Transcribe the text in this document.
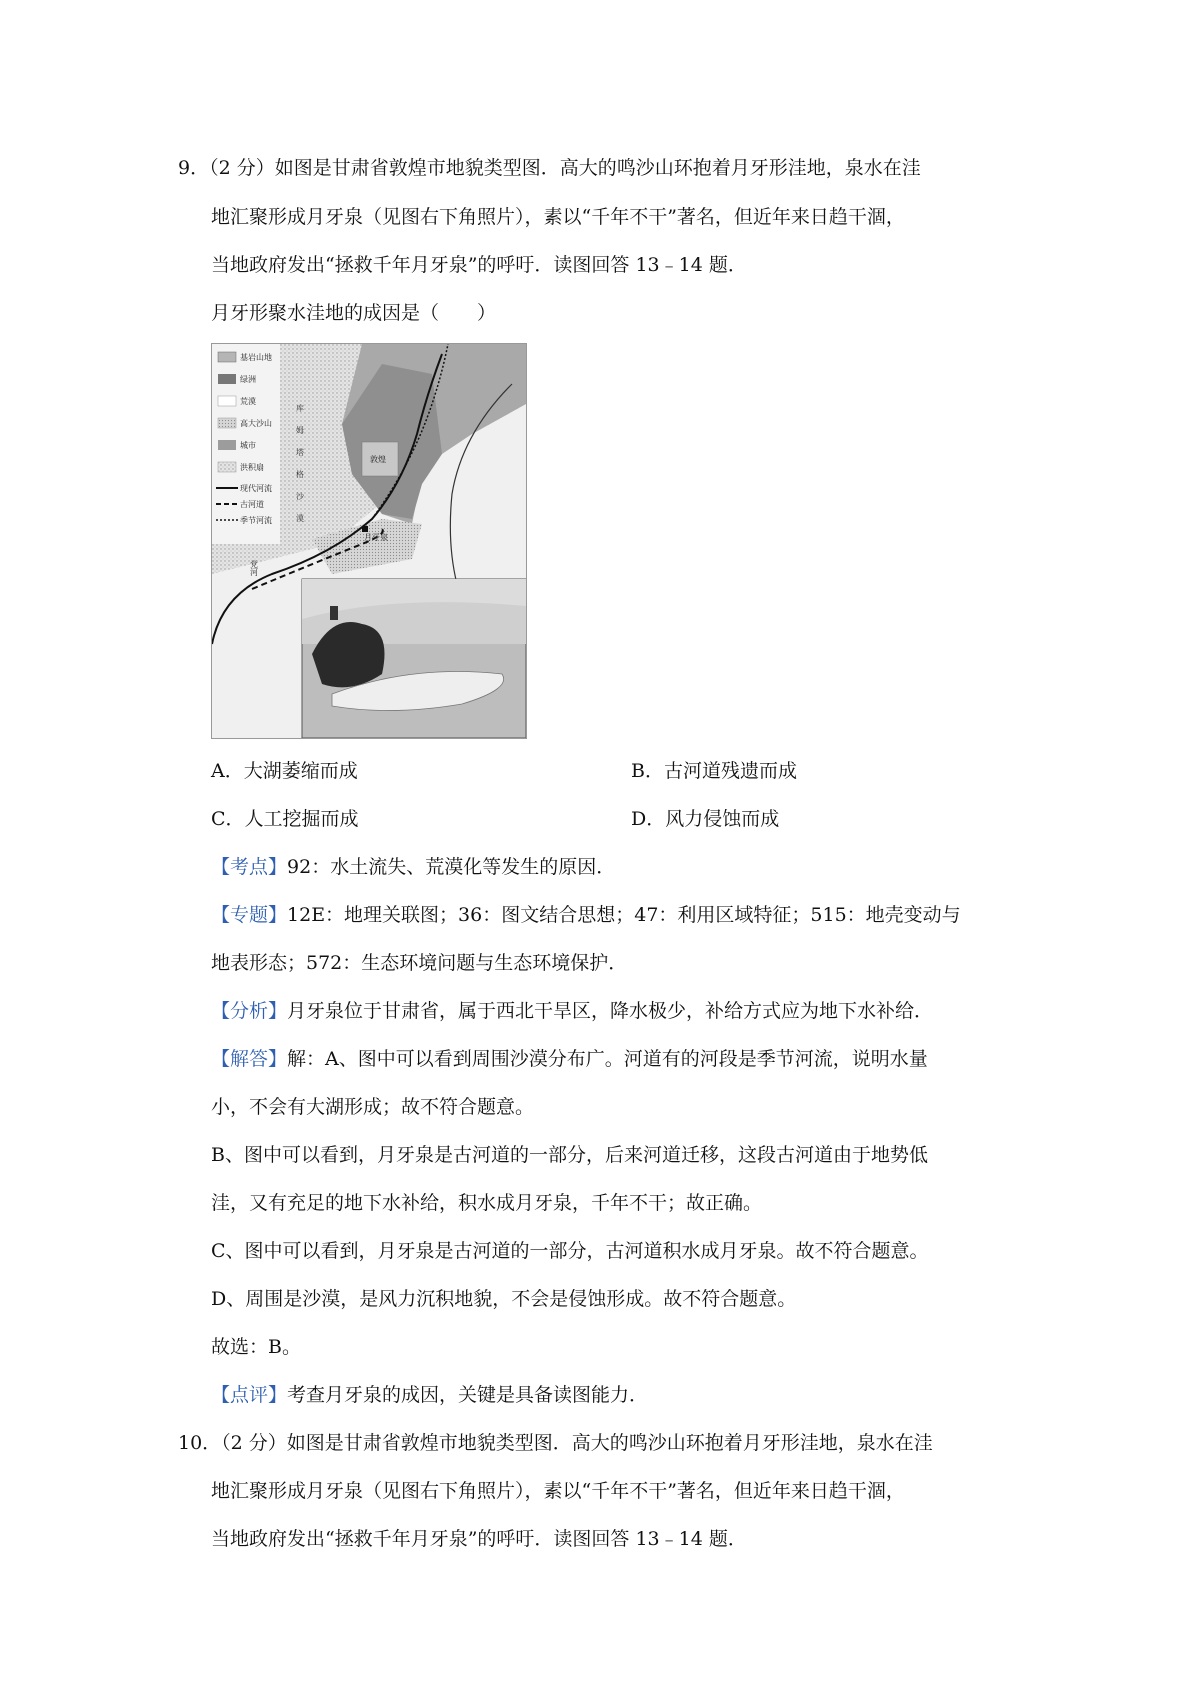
9．（2 分）如图是甘肃省敦煌市地貌类型图．高大的鸣沙山环抱着月牙形洼地，泉水在洼
地汇聚形成月牙泉（见图右下角照片），素以“千年不干”著名，但近年来日趋干涸，
当地政府发出“拯救千年月牙泉”的呼吁．读图回答 13﹣14 题．
月牙形聚水洼地的成因是（　　）
基岩山地
绿洲
荒漠
高大沙山
城市
洪积扇
现代河流
古河道
季节河流	库姆塔格沙漠	敦煌
月牙泉
党河
A．大湖萎缩而成	B．古河道残遗而成
C．人工挖掘而成	D．风力侵蚀而成
【考点】92：水土流失、荒漠化等发生的原因．
【专题】12E：地理关联图；36：图文结合思想；47：利用区域特征；515：地壳变动与
地表形态；572：生态环境问题与生态环境保护．
【分析】月牙泉位于甘肃省，属于西北干旱区，降水极少，补给方式应为地下水补给．
【解答】解：A、图中可以看到周围沙漠分布广。河道有的河段是季节河流，说明水量
小，不会有大湖形成；故不符合题意。
B、图中可以看到，月牙泉是古河道的一部分，后来河道迁移，这段古河道由于地势低
洼，又有充足的地下水补给，积水成月牙泉，千年不干；故正确。
C、图中可以看到，月牙泉是古河道的一部分，古河道积水成月牙泉。故不符合题意。
D、周围是沙漠，是风力沉积地貌，不会是侵蚀形成。故不符合题意。
故选：B。
【点评】考查月牙泉的成因，关键是具备读图能力．
10．（2 分）如图是甘肃省敦煌市地貌类型图．高大的鸣沙山环抱着月牙形洼地，泉水在洼
地汇聚形成月牙泉（见图右下角照片），素以“千年不干”著名，但近年来日趋干涸，
当地政府发出“拯救千年月牙泉”的呼吁．读图回答 13﹣14 题．
